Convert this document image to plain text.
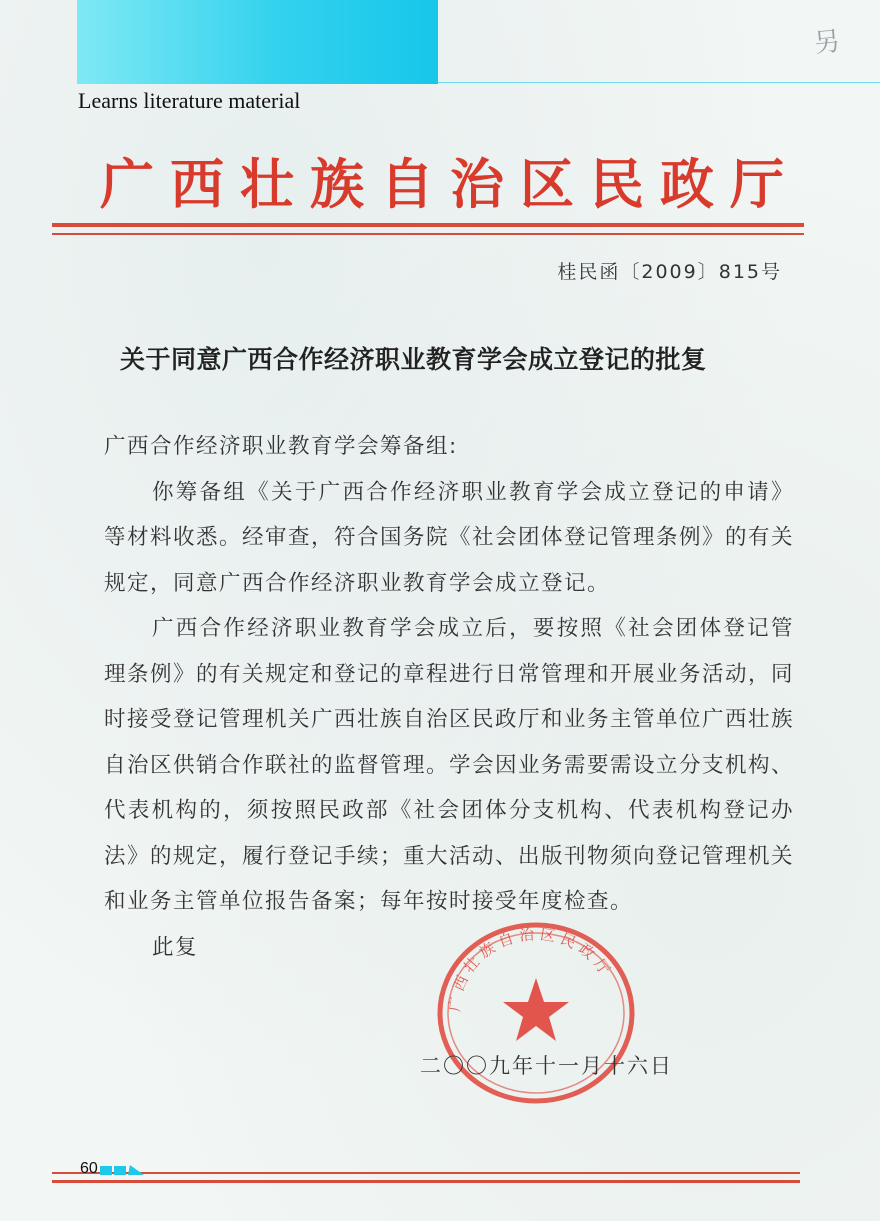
Learns literature material
另
广西壮族自治区民政厅
桂民函〔2009〕815号
关于同意广西合作经济职业教育学会成立登记的批复

广西合作经济职业教育学会筹备组:

你筹备组《关于广西合作经济职业教育学会成立登记的申请》等材料收悉。经审查，符合国务院《社会团体登记管理条例》的有关规定，同意广西合作经济职业教育学会成立登记。

广西合作经济职业教育学会成立后，要按照《社会团体登记管理条例》的有关规定和登记的章程进行日常管理和开展业务活动，同时接受登记管理机关广西壮族自治区民政厅和业务主管单位广西壮族自治区供销合作联社的监督管理。学会因业务需要需设立分支机构、代表机构的，须按照民政部《社会团体分支机构、代表机构登记办法》的规定，履行登记手续；重大活动、出版刊物须向登记管理机关和业务主管单位报告备案；每年按时接受年度检查。

此复

广西壮族自治区民政厅
二〇〇九年十一月十六日
60
